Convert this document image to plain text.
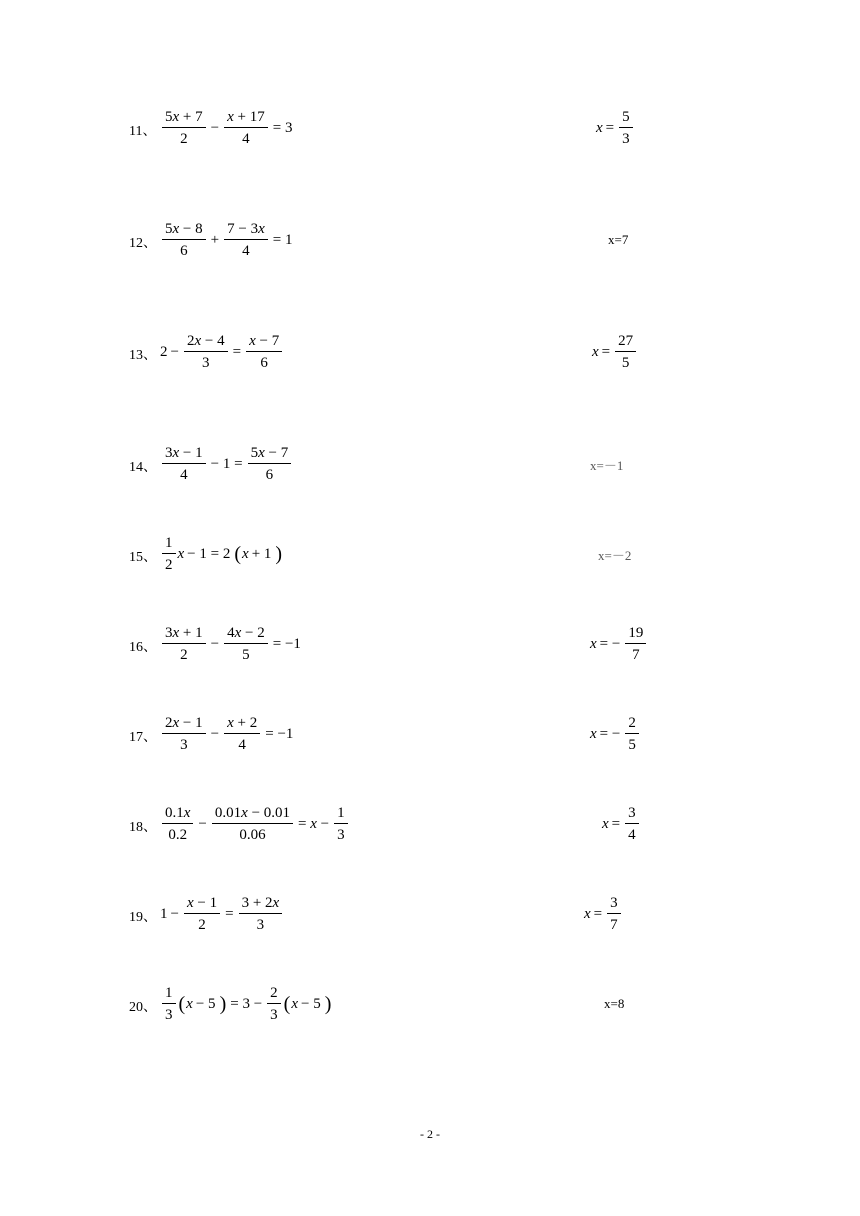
11、 $\frac{5x + 7}{2} - \frac{x + 17}{4} = 3$	$x = \frac{5}{3}$
12、 $\frac{5x - 8}{6} + \frac{7 - 3x}{4} = 1$	x=7
13、 $2 - \frac{2x - 4}{3} = \frac{x - 7}{6}$	$x = \frac{27}{5}$
14、 $\frac{3x - 1}{4} - 1 = \frac{5x - 7}{6}$	x=－1
15、 $\frac{1}{2}$ x − 1 = 2 ( x + 1 )	x=－2
16、 $\frac{3x + 1}{2} - \frac{4x - 2}{5} = -1$	x = − $\frac{19}{7}$
17、 $\frac{2x - 1}{3} - \frac{x + 2}{4} = -1$	x = − $\frac{2}{5}$
18、 $\frac{0.1x}{0.2} - \frac{0.01x - 0.01}{0.06} = x - \frac{1}{3}$	$x = \frac{3}{4}$
19、 $1 - \frac{x - 1}{2} = \frac{3 + 2x}{3}$	$x = \frac{3}{7}$
20、 $\frac{1}{3}$ ( x − 5 ) = $3 - \frac{2}{3}$ ( x − 5 )	x=8
- 2 -
